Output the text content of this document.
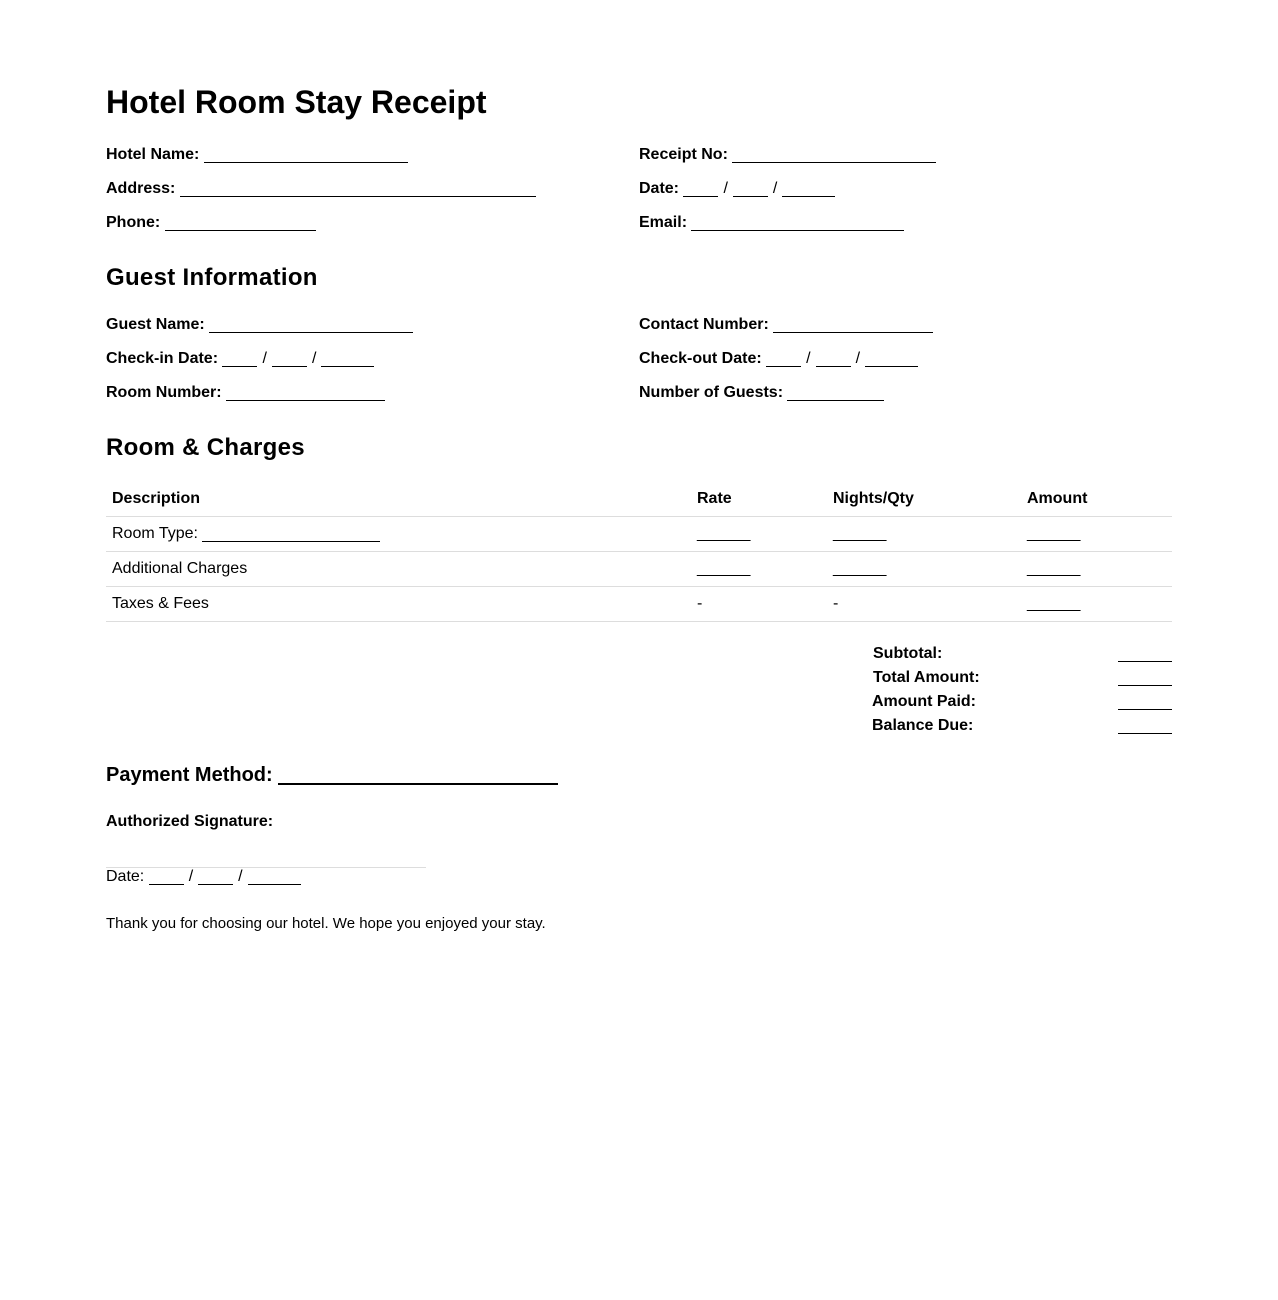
Hotel Room Stay Receipt
Hotel Name:
Address:
Phone:
Receipt No:
Date:	/	/
Email:
Guest Information
Guest Name:
Check-in Date:	/	/
Room Number:
Contact Number:
Check-out Date:	/	/
Number of Guests:
Room & Charges
Description	Rate	Nights/Qty	Amount
Room Type:	______	______	______
Additional Charges	______	______	______
Taxes & Fees	-	-	______
Subtotal:
Total Amount:
Amount Paid:
Balance Due:
Payment Method:
Authorized Signature:
Date:	/	/
Thank you for choosing our hotel. We hope you enjoyed your stay.
